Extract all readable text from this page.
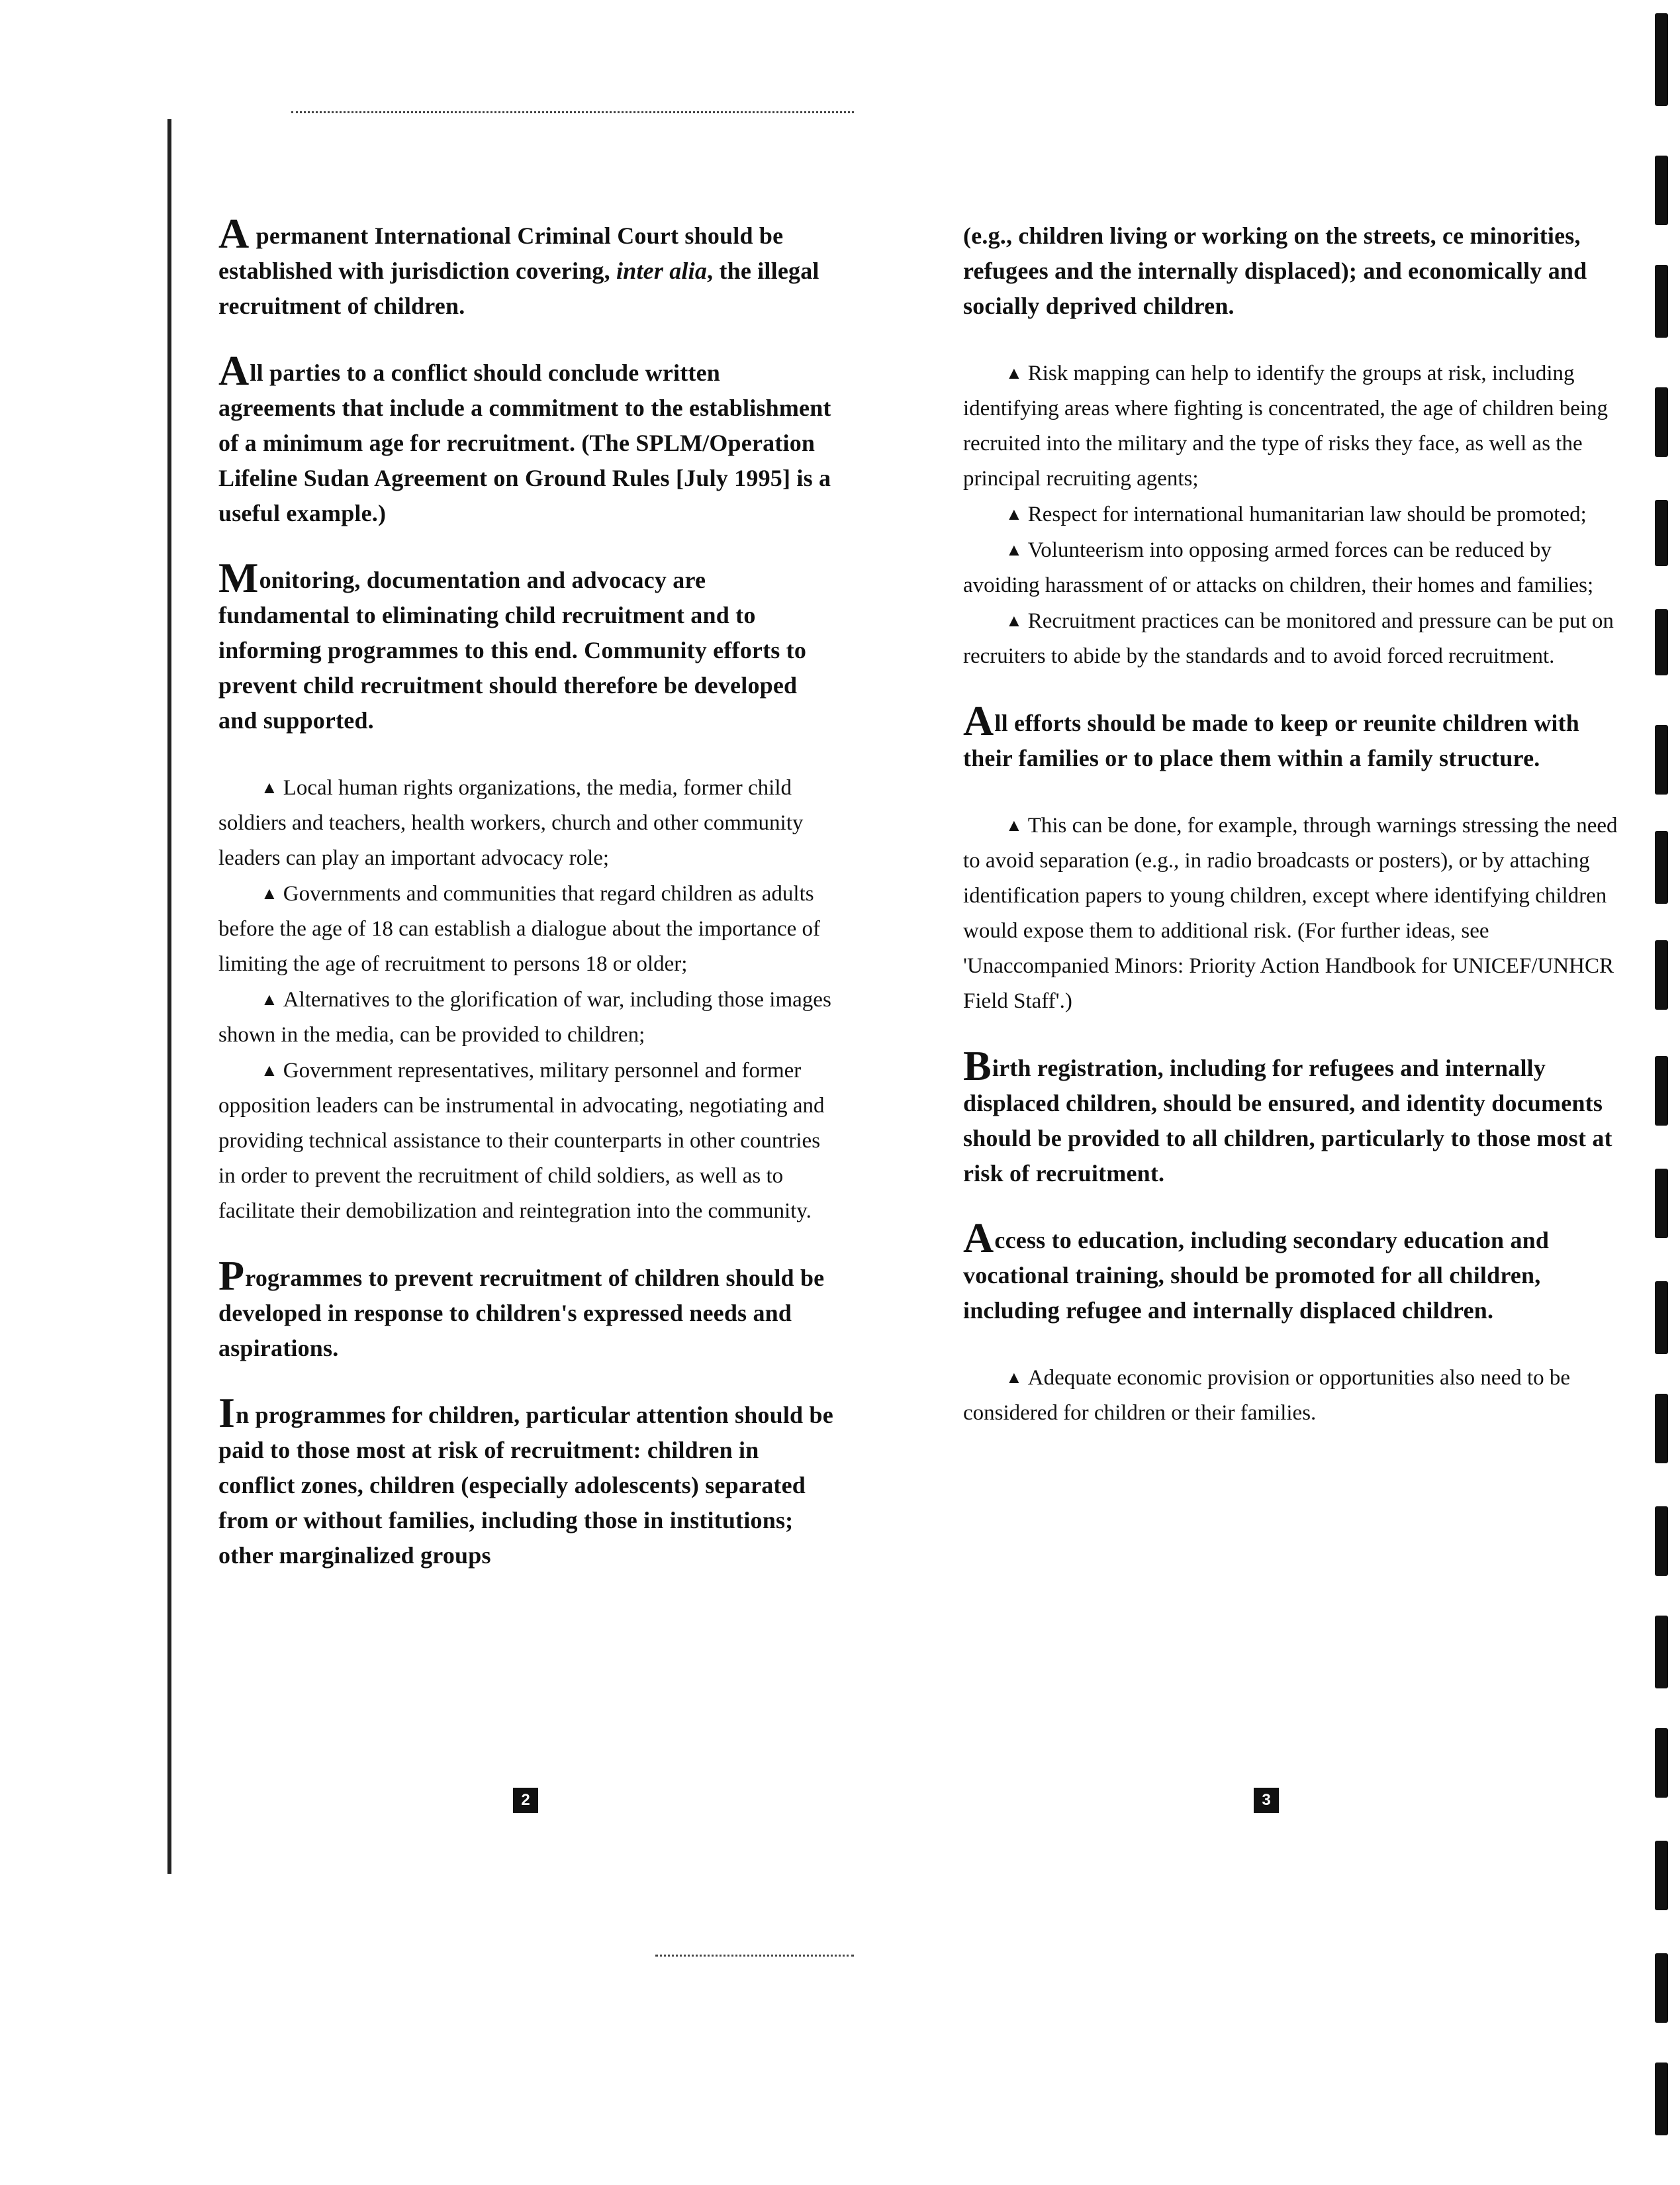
A permanent International Criminal Court should be established with jurisdiction covering, inter alia, the illegal recruitment of children.

All parties to a conflict should conclude written agreements that include a commitment to the establishment of a minimum age for recruitment. (The SPLM/Operation Lifeline Sudan Agreement on Ground Rules [July 1995] is a useful example.)

Monitoring, documentation and advocacy are fundamental to eliminating child recruitment and to informing programmes to this end. Community efforts to prevent child recruitment should therefore be developed and supported.

▲ Local human rights organizations, the media, former child soldiers and teachers, health workers, church and other community leaders can play an important advocacy role;

▲ Governments and communities that regard children as adults before the age of 18 can establish a dialogue about the importance of limiting the age of recruitment to persons 18 or older;

▲ Alternatives to the glorification of war, including those images shown in the media, can be provided to children;

▲ Government representatives, military personnel and former opposition leaders can be instrumental in advocating, negotiating and providing technical assistance to their counterparts in other countries in order to prevent the recruitment of child soldiers, as well as to facilitate their demobilization and reintegration into the community.

Programmes to prevent recruitment of children should be developed in response to children's expressed needs and aspirations.

In programmes for children, particular attention should be paid to those most at risk of recruitment: children in conflict zones, children (especially adolescents) separated from or without families, including those in institutions; other marginalized groups

2

(e.g., children living or working on the streets, ce minorities, refugees and the internally displaced); and economically and socially deprived children.

▲ Risk mapping can help to identify the groups at risk, including identifying areas where fighting is concentrated, the age of children being recruited into the military and the type of risks they face, as well as the principal recruiting agents;

▲ Respect for international humanitarian law should be promoted;

▲ Volunteerism into opposing armed forces can be reduced by avoiding harassment of or attacks on children, their homes and families;

▲ Recruitment practices can be monitored and pressure can be put on recruiters to abide by the standards and to avoid forced recruitment.

All efforts should be made to keep or reunite children with their families or to place them within a family structure.

▲ This can be done, for example, through warnings stressing the need to avoid separation (e.g., in radio broadcasts or posters), or by attaching identification papers to young children, except where identifying children would expose them to additional risk. (For further ideas, see 'Unaccompanied Minors: Priority Action Handbook for UNICEF/UNHCR Field Staff'.)

Birth registration, including for refugees and internally displaced children, should be ensured, and identity documents should be provided to all children, particularly to those most at risk of recruitment.

Access to education, including secondary education and vocational training, should be promoted for all children, including refugee and internally displaced children.

▲ Adequate economic provision or opportunities also need to be considered for children or their families.

3
